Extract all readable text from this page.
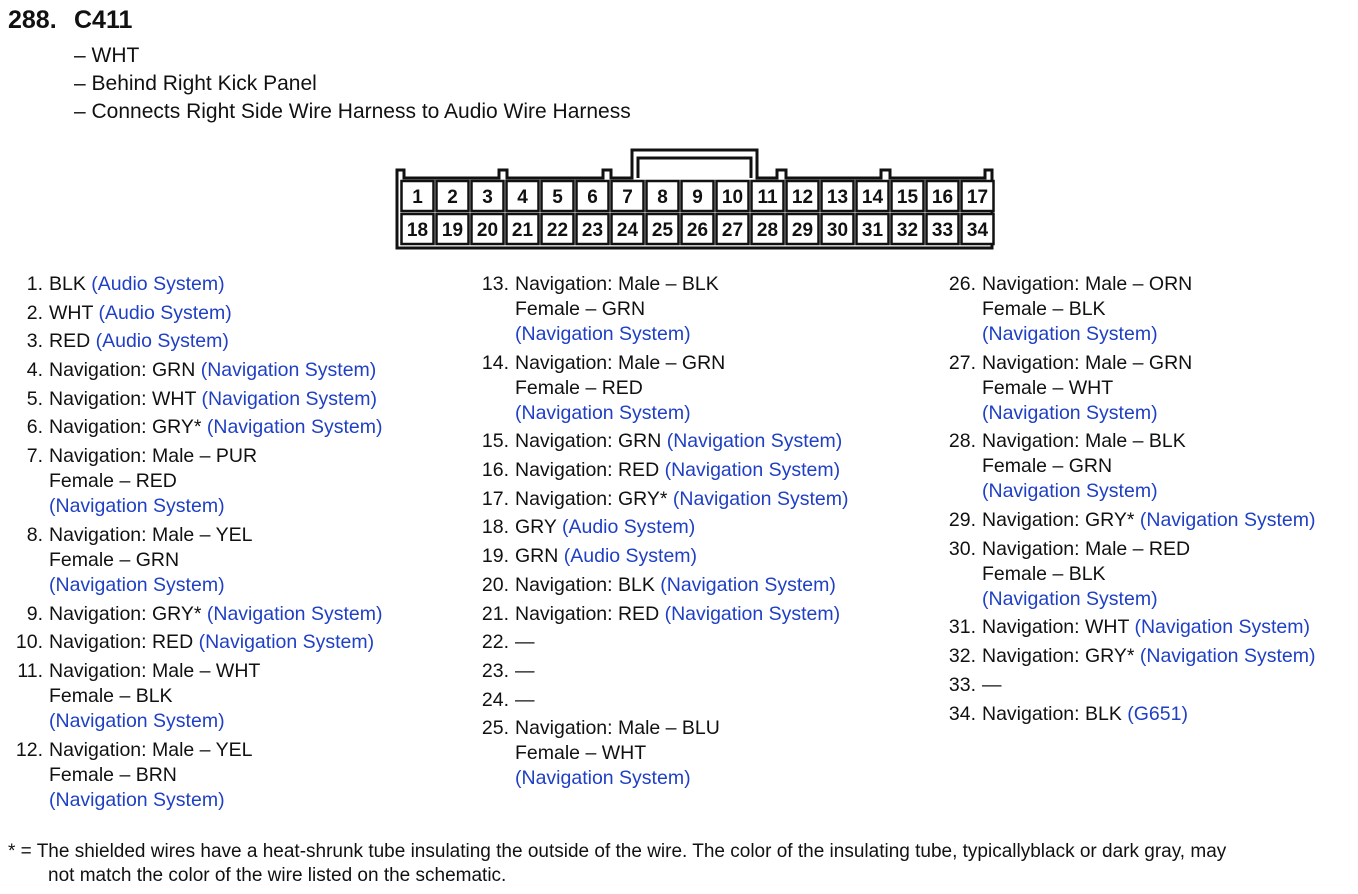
288. C411
– WHT
– Behind Right Kick Panel
– Connects Right Side Wire Harness to Audio Wire Harness
1 2 3 4 5 6 7 8 9 10 11 12 13 14 15 16 17
18 19 20 21 22 23 24 25 26 27 28 29 30 31 32 33 34
1. BLK (Audio System)
2. WHT (Audio System)
3. RED (Audio System)
4. Navigation: GRN (Navigation System)
5. Navigation: WHT (Navigation System)
6. Navigation: GRY* (Navigation System)
7. Navigation: Male – PUR
Female – RED
(Navigation System)
8. Navigation: Male – YEL
Female – GRN
(Navigation System)
9. Navigation: GRY* (Navigation System)
10. Navigation: RED (Navigation System)
11. Navigation: Male – WHT
Female – BLK
(Navigation System)
12. Navigation: Male – YEL
Female – BRN
(Navigation System)
13. Navigation: Male – BLK
Female – GRN
(Navigation System)
14. Navigation: Male – GRN
Female – RED
(Navigation System)
15. Navigation: GRN (Navigation System)
16. Navigation: RED (Navigation System)
17. Navigation: GRY* (Navigation System)
18. GRY (Audio System)
19. GRN (Audio System)
20. Navigation: BLK (Navigation System)
21. Navigation: RED (Navigation System)
22. —
23. —
24. —
25. Navigation: Male – BLU
Female – WHT
(Navigation System)
26. Navigation: Male – ORN
Female – BLK
(Navigation System)
27. Navigation: Male – GRN
Female – WHT
(Navigation System)
28. Navigation: Male – BLK
Female – GRN
(Navigation System)
29. Navigation: GRY* (Navigation System)
30. Navigation: Male – RED
Female – BLK
(Navigation System)
31. Navigation: WHT (Navigation System)
32. Navigation: GRY* (Navigation System)
33. —
34. Navigation: BLK (G651)
* = The shielded wires have a heat-shrunk tube insulating the outside of the wire. The color of the insulating tube, typicallyblack or dark gray, may
not match the color of the wire listed on the schematic.
